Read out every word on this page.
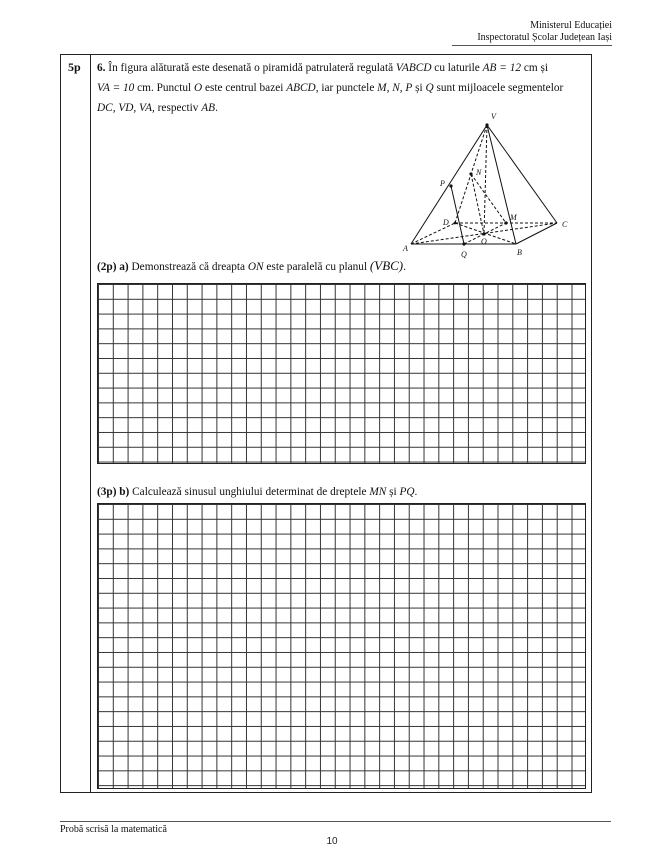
Ministerul Educației
Inspectoratul Școlar Județean Iași
5p 6. În figura alăturată este desenată o piramidă patrulateră regulată VABCD cu laturile AB = 12 cm și
VA = 10 cm. Punctul O este centrul bazei ABCD, iar punctele M, N, P și Q sunt mijloacele segmentelor
DC, VD, VA, respectiv AB.
V
P
N
D
M
C
A
O
Q	B
(2p) a) Demonstrează că dreapta ON este paralelă cu planul (VBC).
(3p) b) Calculează sinusul unghiului determinat de dreptele MN și PQ.
Probă scrisă la matematică
10
